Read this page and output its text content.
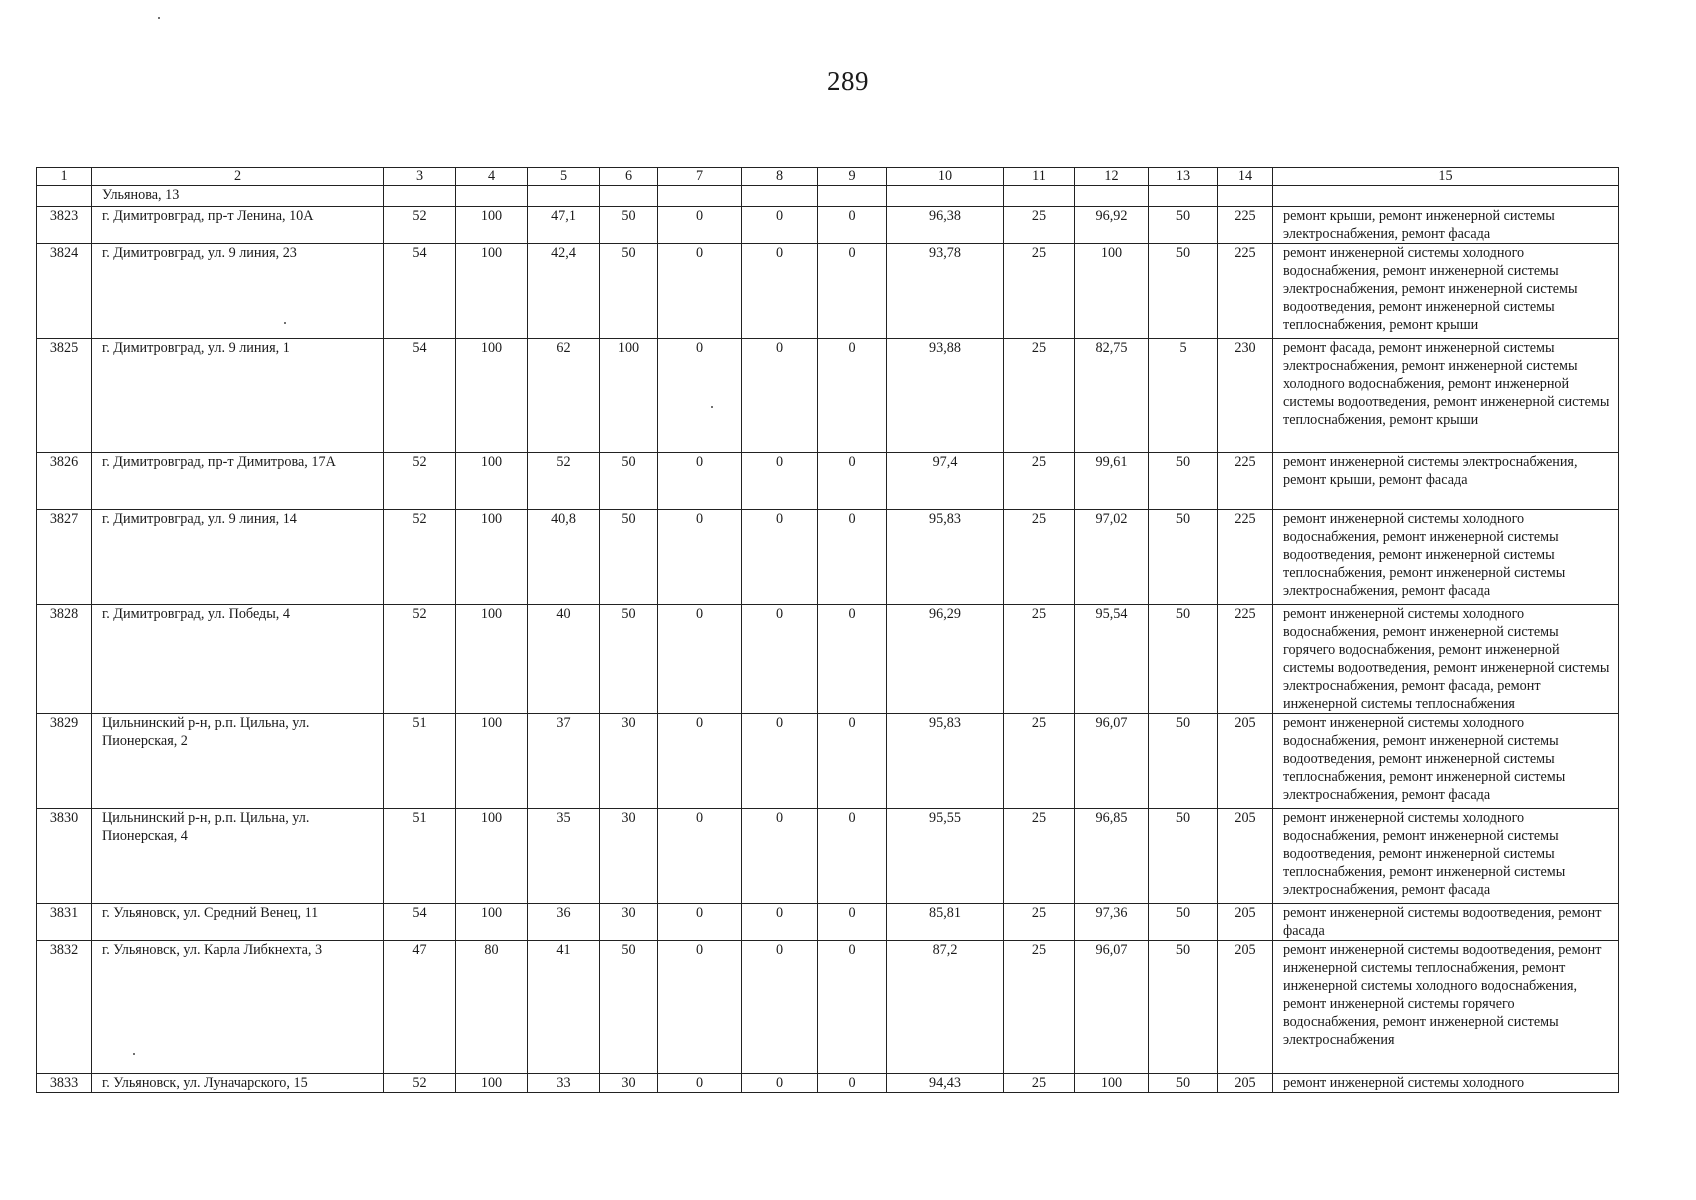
289
1	2	3	4	5	6	7	8	9	10	11	12	13	14	15
	Ульянова, 13													
3823	г. Димитровград, пр-т Ленина, 10А	52	100	47,1	50	0	0	0	96,38	25	96,92	50	225	ремонт крыши, ремонт инженерной системы электроснабжения, ремонт фасада
3824	г. Димитровград, ул. 9 линия, 23	54	100	42,4	50	0	0	0	93,78	25	100	50	225	ремонт инженерной системы холодного водоснабжения, ремонт инженерной системы электроснабжения, ремонт инженерной системы водоотведения, ремонт инженерной системы теплоснабжения, ремонт крыши
3825	г. Димитровград, ул. 9 линия, 1	54	100	62	100	0	0	0	93,88	25	82,75	5	230	ремонт фасада, ремонт инженерной системы электроснабжения, ремонт инженерной системы холодного водоснабжения, ремонт инженерной системы водоотведения, ремонт инженерной системы теплоснабжения, ремонт крыши
3826	г. Димитровград, пр-т Димитрова, 17А	52	100	52	50	0	0	0	97,4	25	99,61	50	225	ремонт инженерной системы электроснабжения, ремонт крыши, ремонт фасада
3827	г. Димитровград, ул. 9 линия, 14	52	100	40,8	50	0	0	0	95,83	25	97,02	50	225	ремонт инженерной системы холодного водоснабжения, ремонт инженерной системы водоотведения, ремонт инженерной системы теплоснабжения, ремонт инженерной системы электроснабжения, ремонт фасада
3828	г. Димитровград, ул. Победы, 4	52	100	40	50	0	0	0	96,29	25	95,54	50	225	ремонт инженерной системы холодного водоснабжения, ремонт инженерной системы горячего водоснабжения, ремонт инженерной системы водоотведения, ремонт инженерной системы электроснабжения, ремонт фасада, ремонт инженерной системы теплоснабжения
3829	Цильнинский р-н, р.п. Цильна, ул. Пионерская, 2	51	100	37	30	0	0	0	95,83	25	96,07	50	205	ремонт инженерной системы холодного водоснабжения, ремонт инженерной системы водоотведения, ремонт инженерной системы теплоснабжения, ремонт инженерной системы электроснабжения, ремонт фасада
3830	Цильнинский р-н, р.п. Цильна, ул. Пионерская, 4	51	100	35	30	0	0	0	95,55	25	96,85	50	205	ремонт инженерной системы холодного водоснабжения, ремонт инженерной системы водоотведения, ремонт инженерной системы теплоснабжения, ремонт инженерной системы электроснабжения, ремонт фасада
3831	г. Ульяновск, ул. Средний Венец, 11	54	100	36	30	0	0	0	85,81	25	97,36	50	205	ремонт инженерной системы водоотведения, ремонт фасада
3832	г. Ульяновск, ул. Карла Либкнехта, 3	47	80	41	50	0	0	0	87,2	25	96,07	50	205	ремонт инженерной системы водоотведения, ремонт инженерной системы теплоснабжения, ремонт инженерной системы холодного водоснабжения, ремонт инженерной системы горячего водоснабжения, ремонт инженерной системы электроснабжения
3833	г. Ульяновск, ул. Луначарского, 15	52	100	33	30	0	0	0	94,43	25	100	50	205	ремонт инженерной системы холодного
